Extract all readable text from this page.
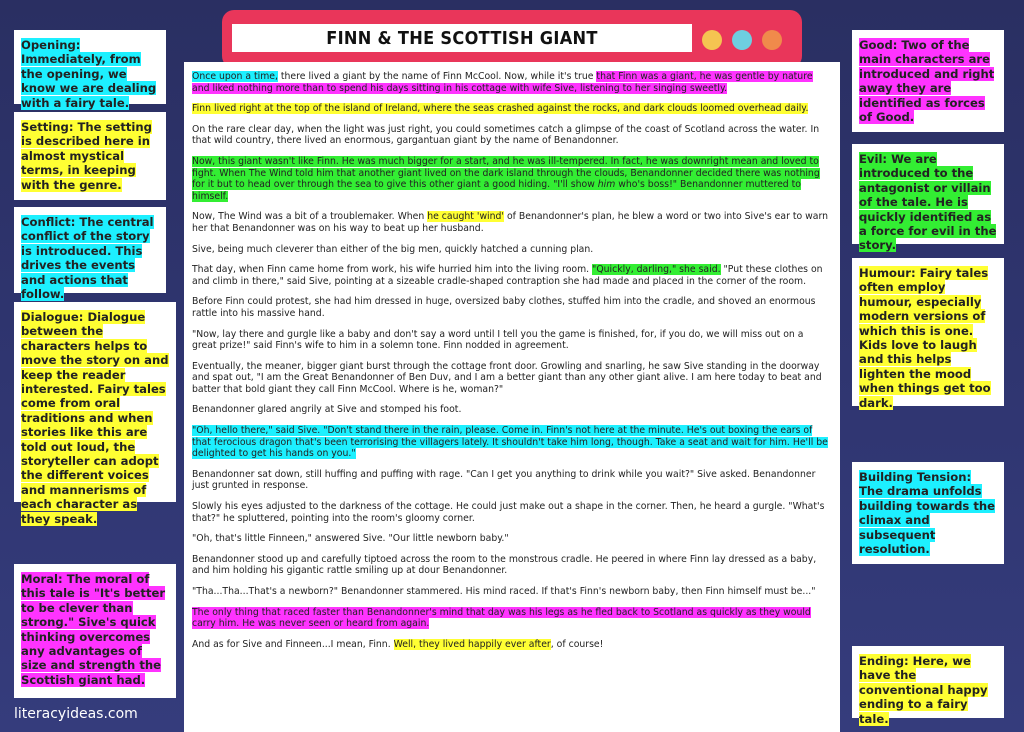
FINN & THE SCOTTISH GIANT

Once upon a time, there lived a giant by the name of Finn McCool. Now, while it's true that Finn was a giant, he was gentle by nature and liked nothing more than to spend his days sitting in his cottage with wife Sive, listening to her singing sweetly.

Finn lived right at the top of the island of Ireland, where the seas crashed against the rocks, and dark clouds loomed overhead daily.

On the rare clear day, when the light was just right, you could sometimes catch a glimpse of the coast of Scotland across the water. In that wild country, there lived an enormous, gargantuan giant by the name of Benandonner.

Now, this giant wasn't like Finn. He was much bigger for a start, and he was ill-tempered. In fact, he was downright mean and loved to fight. When The Wind told him that another giant lived on the dark island through the clouds, Benandonner decided there was nothing for it but to head over through the sea to give this other giant a good hiding. "I'll show him who's boss!" Benandonner muttered to himself.

Now, The Wind was a bit of a troublemaker. When he caught 'wind' of Benandonner's plan, he blew a word or two into Sive's ear to warn her that Benandonner was on his way to beat up her husband.

Sive, being much cleverer than either of the big men, quickly hatched a cunning plan.

That day, when Finn came home from work, his wife hurried him into the living room. "Quickly, darling," she said. "Put these clothes on and climb in there," said Sive, pointing at a sizeable cradle-shaped contraption she had made and placed in the corner of the room.

Before Finn could protest, she had him dressed in huge, oversized baby clothes, stuffed him into the cradle, and shoved an enormous rattle into his massive hand.

"Now, lay there and gurgle like a baby and don't say a word until I tell you the game is finished, for, if you do, we will miss out on a great prize!" said Finn's wife to him in a solemn tone. Finn nodded in agreement.

Eventually, the meaner, bigger giant burst through the cottage front door. Growling and snarling, he saw Sive standing in the doorway and spat out, "I am the Great Benandonner of Ben Duv, and I am a better giant than any other giant alive. I am here today to beat and batter that bold giant they call Finn McCool. Where is he, woman?"

Benandonner glared angrily at Sive and stomped his foot.

"Oh, hello there," said Sive. "Don't stand there in the rain, please. Come in. Finn's not here at the minute. He's out boxing the ears of that ferocious dragon that's been terrorising the villagers lately. It shouldn't take him long, though. Take a seat and wait for him. He'll be delighted to get his hands on you."

Benandonner sat down, still huffing and puffing with rage. "Can I get you anything to drink while you wait?" Sive asked. Benandonner just grunted in response.

Slowly his eyes adjusted to the darkness of the cottage. He could just make out a shape in the corner. Then, he heard a gurgle. "What's that?" he spluttered, pointing into the room's gloomy corner.

"Oh, that's little Finneen," answered Sive. "Our little newborn baby."

Benandonner stood up and carefully tiptoed across the room to the monstrous cradle. He peered in where Finn lay dressed as a baby, and him holding his gigantic rattle smiling up at dour Benandonner.

"Tha...Tha...That's a newborn?" Benandonner stammered. His mind raced. If that's Finn's newborn baby, then Finn himself must be..."

The only thing that raced faster than Benandonner's mind that day was his legs as he fled back to Scotland as quickly as they would carry him. He was never seen or heard from again.

And as for Sive and Finneen...I mean, Finn. Well, they lived happily ever after, of course!

Opening: Immediately, from the opening, we know we are dealing with a fairy tale.
Setting: The setting is described here in almost mystical terms, in keeping with the genre.
Conflict: The central conflict of the story is introduced. This drives the events and actions that follow.
Dialogue: Dialogue between the characters helps to move the story on and keep the reader interested. Fairy tales come from oral traditions and when stories like this are told out loud, the storyteller can adopt the different voices and mannerisms of each character as they speak.
Moral: The moral of this tale is "It's better to be clever than strong." Sive's quick thinking overcomes any advantages of size and strength the Scottish giant had.
Good: Two of the main characters are introduced and right away they are identified as forces of Good.
Evil: We are introduced to the antagonist or villain of the tale. He is quickly identified as a force for evil in the story.
Humour: Fairy tales often employ humour, especially modern versions of which this is one. Kids love to laugh and this helps lighten the mood when things get too dark.
Building Tension: The drama unfolds building towards the climax and subsequent resolution.
Ending: Here, we have the conventional happy ending to a fairy tale.
literacyideas.com
